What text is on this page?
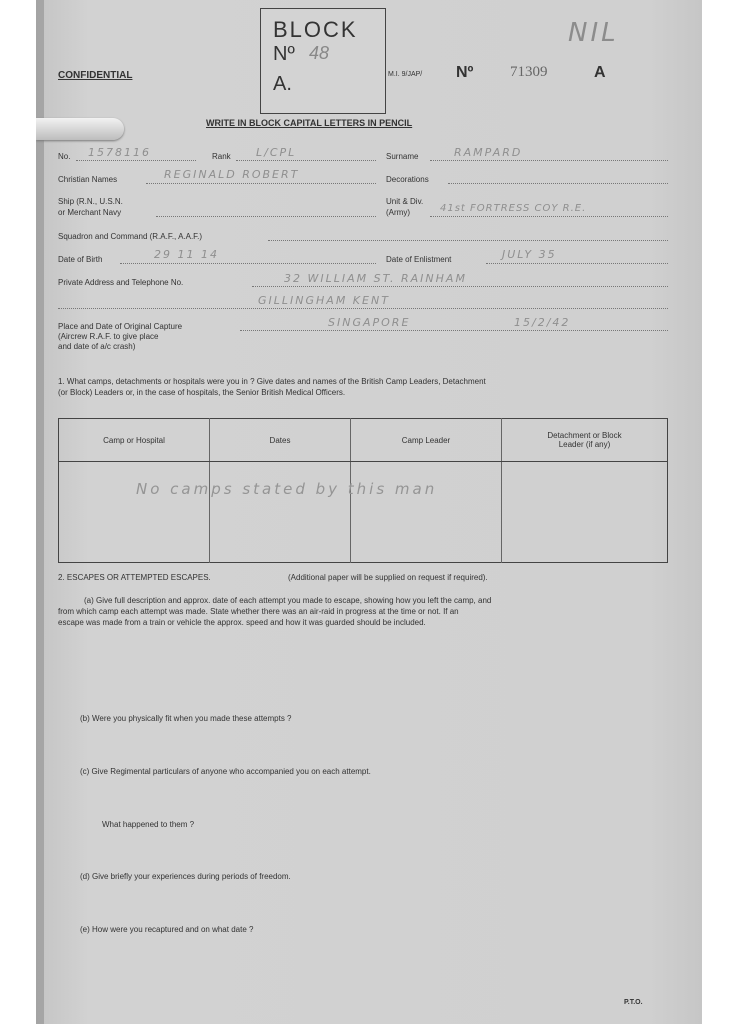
CONFIDENTIAL
BLOCK
Nº 48
A.
NIL
M.I. 9/JAP/ Nº 71309	A
WRITE IN BLOCK CAPITAL LETTERS IN PENCIL
No. 1578116	Rank L/CPL	Surname	RAMPARD
Christian Names	REGINALD ROBERT	Decorations
Ship (R.N., U.S.N.
or Merchant Navy
Unit & Div.
(Army)	41st FORTRESS COY R.E.
Squadron and Command (R.A.F., A.A.F.)
Date of Birth	29 11 14	Date of Enlistment	JULY 35
Private Address and Telephone No.	32 WILLIAM ST. RAINHAM
GILLINGHAM KENT
Place and Date of Original Capture
(Aircrew R.A.F. to give place
and date of a/c crash)
SINGAPORE	15/2/42
1. What camps, detachments or hospitals were you in ? Give dates and names of the British Camp Leaders, Detachment
(or Block) Leaders or, in the case of hospitals, the Senior British Medical Officers.
Camp or Hospital	Dates	Camp Leader	Detachment or Block
Leader (if any)

No camps stated by this man
2. ESCAPES OR ATTEMPTED ESCAPES.	(Additional paper will be supplied on request if required).
(a) Give full description and approx. date of each attempt you made to escape, showing how you left the camp, and
from which camp each attempt was made. State whether there was an air-raid in progress at the time or not. If an
escape was made from a train or vehicle the approx. speed and how it was guarded should be included.
(b) Were you physically fit when you made these attempts ?
(c) Give Regimental particulars of anyone who accompanied you on each attempt.
What happened to them ?
(d) Give briefly your experiences during periods of freedom.
(e) How were you recaptured and on what date ?
P.T.O.
